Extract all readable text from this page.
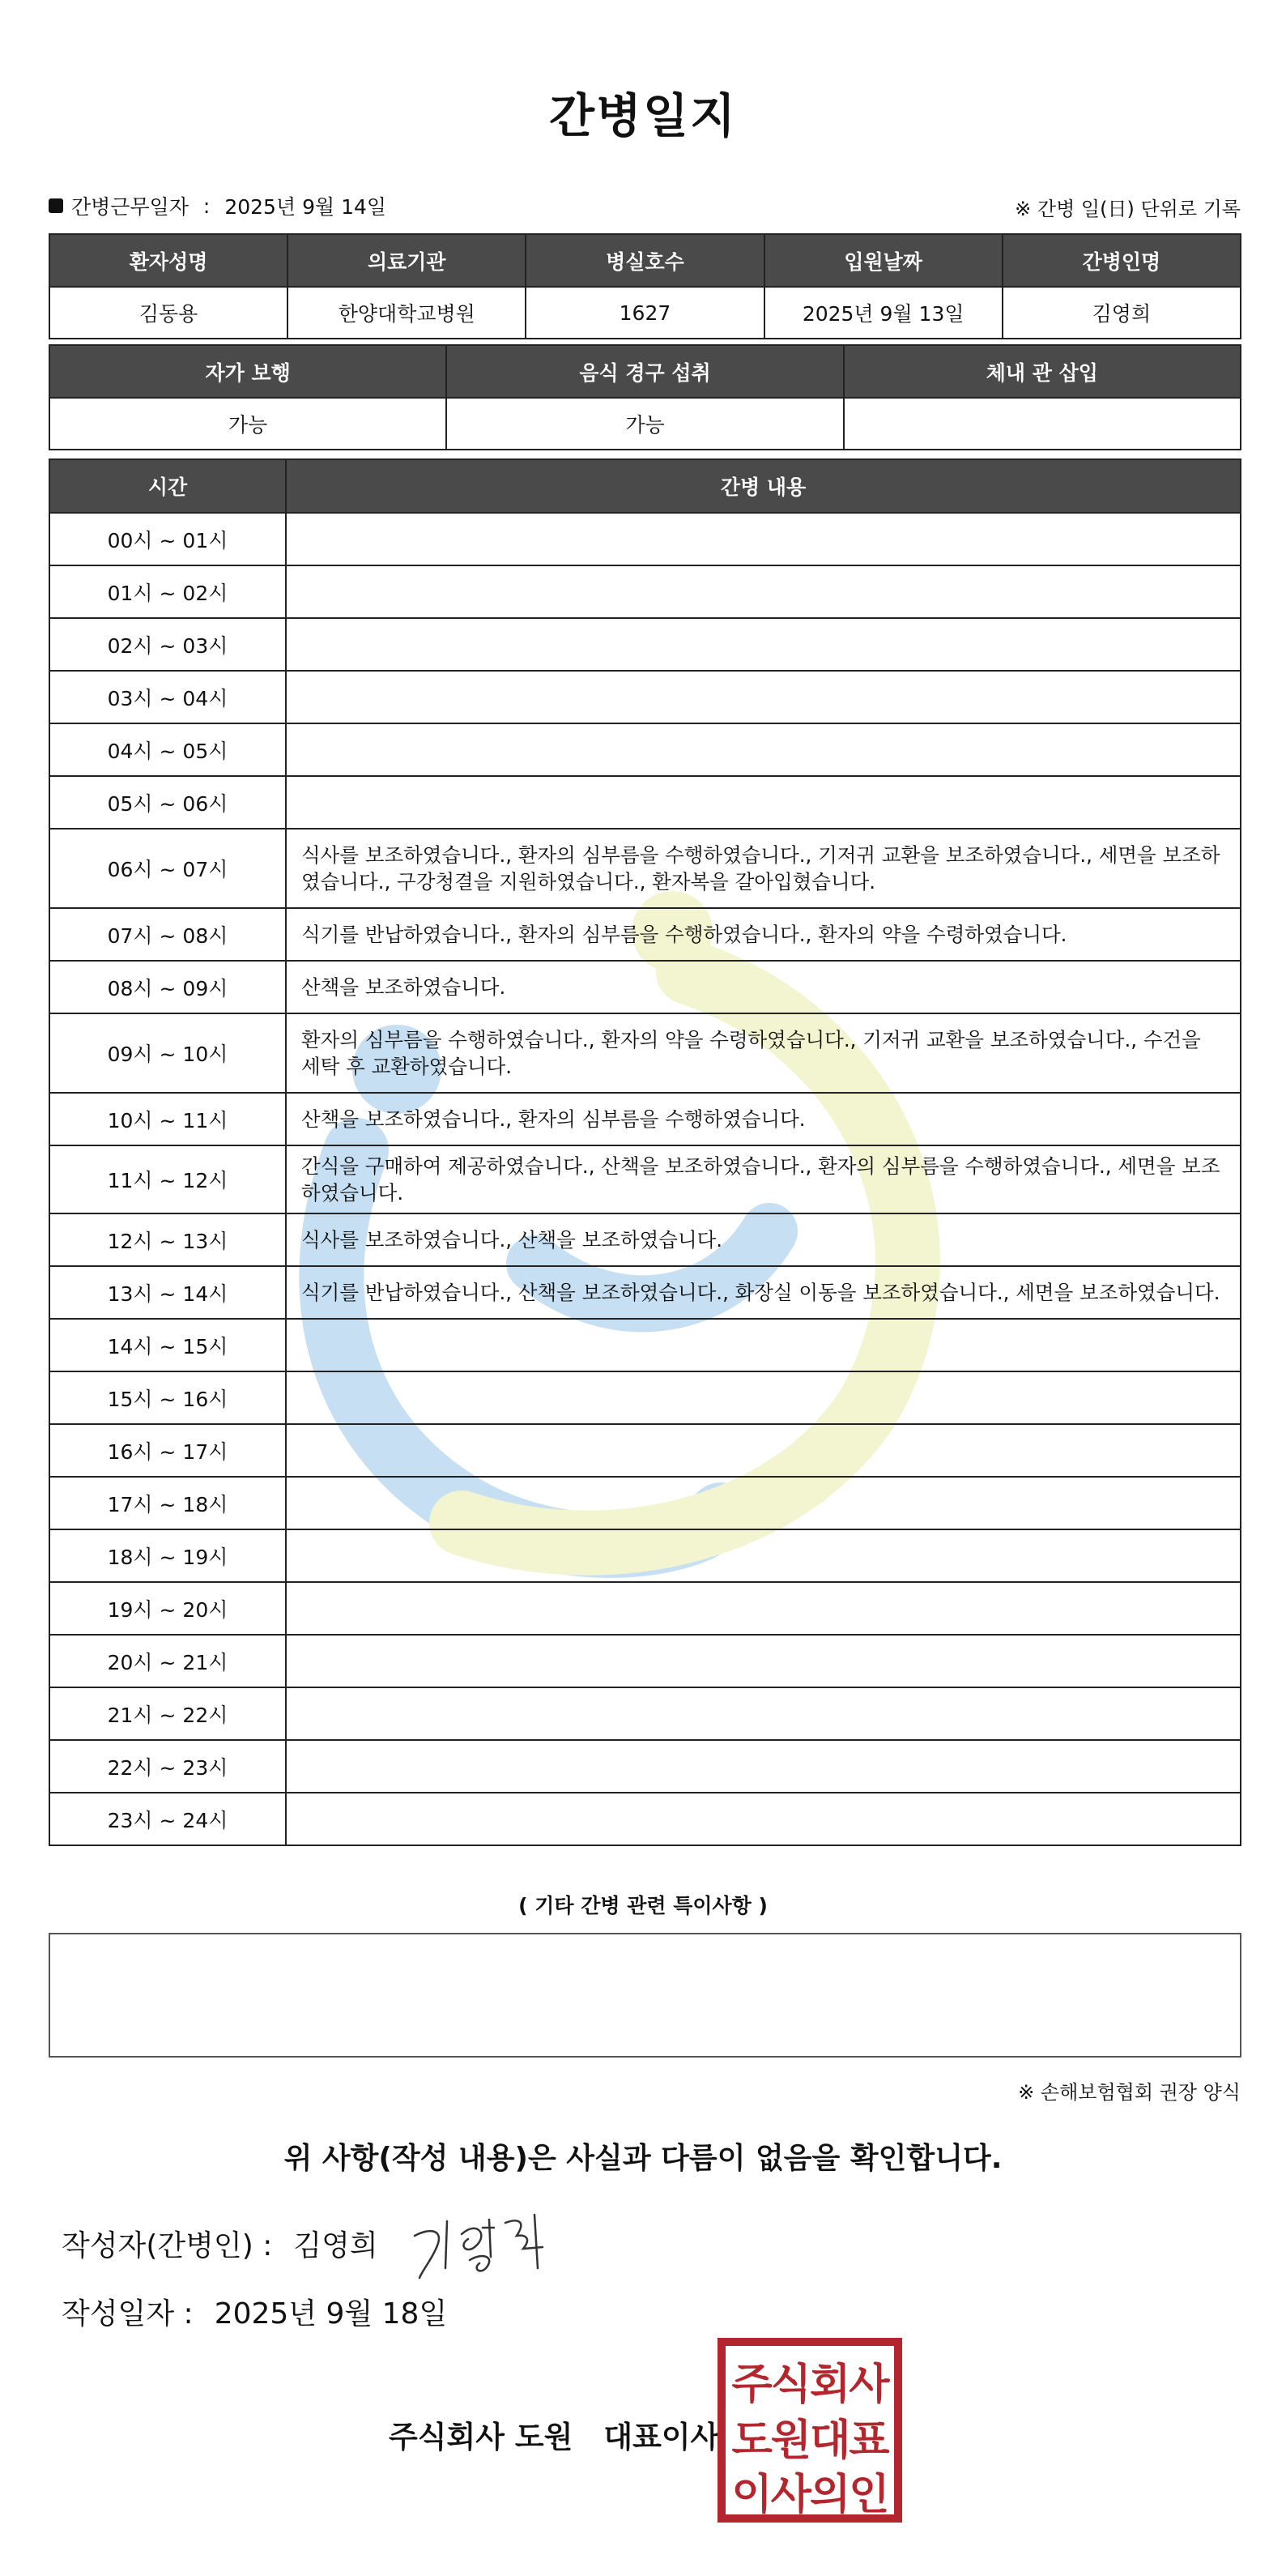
간병일지
간병근무일자 : 2025년 9월 14일	※ 간병 일(日) 단위로 기록
환자성명	의료기관	병실호수	입원날짜	간병인명
김동용	한양대학교병원	1627	2025년 9월 13일	김영희
자가 보행	음식 경구 섭취	체내 관 삽입
가능	가능	
시간	간병 내용
00시 ~ 01시	
01시 ~ 02시	
02시 ~ 03시	
03시 ~ 04시	
04시 ~ 05시	
05시 ~ 06시	
06시 ~ 07시	식사를 보조하였습니다., 환자의 심부름을 수행하였습니다., 기저귀 교환을 보조하였습니다., 세면을 보조하였습니다., 구강청결을 지원하였습니다., 환자복을 갈아입혔습니다.
07시 ~ 08시	식기를 반납하였습니다., 환자의 심부름을 수행하였습니다., 환자의 약을 수령하였습니다.
08시 ~ 09시	산책을 보조하였습니다.
09시 ~ 10시	환자의 심부름을 수행하였습니다., 환자의 약을 수령하였습니다., 기저귀 교환을 보조하였습니다., 수건을 세탁 후 교환하였습니다.
10시 ~ 11시	산책을 보조하였습니다., 환자의 심부름을 수행하였습니다.
11시 ~ 12시	간식을 구매하여 제공하였습니다., 산책을 보조하였습니다., 환자의 심부름을 수행하였습니다., 세면을 보조하였습니다.
12시 ~ 13시	식사를 보조하였습니다., 산책을 보조하였습니다.
13시 ~ 14시	식기를 반납하였습니다., 산책을 보조하였습니다., 화장실 이동을 보조하였습니다., 세면을 보조하였습니다.
14시 ~ 15시	
15시 ~ 16시	
16시 ~ 17시	
17시 ~ 18시	
18시 ~ 19시	
19시 ~ 20시	
20시 ~ 21시	
21시 ~ 22시	
22시 ~ 23시	
23시 ~ 24시	
( 기타 간병 관련 특이사항 )
※ 손해보험협회 권장 양식
위 사항(작성 내용)은 사실과 다름이 없음을 확인합니다.
작성자(간병인) : 김영희
작성일자 : 2025년 9월 18일
주식회사 도원 대표이사
주식회사
도원대표
이사의인
